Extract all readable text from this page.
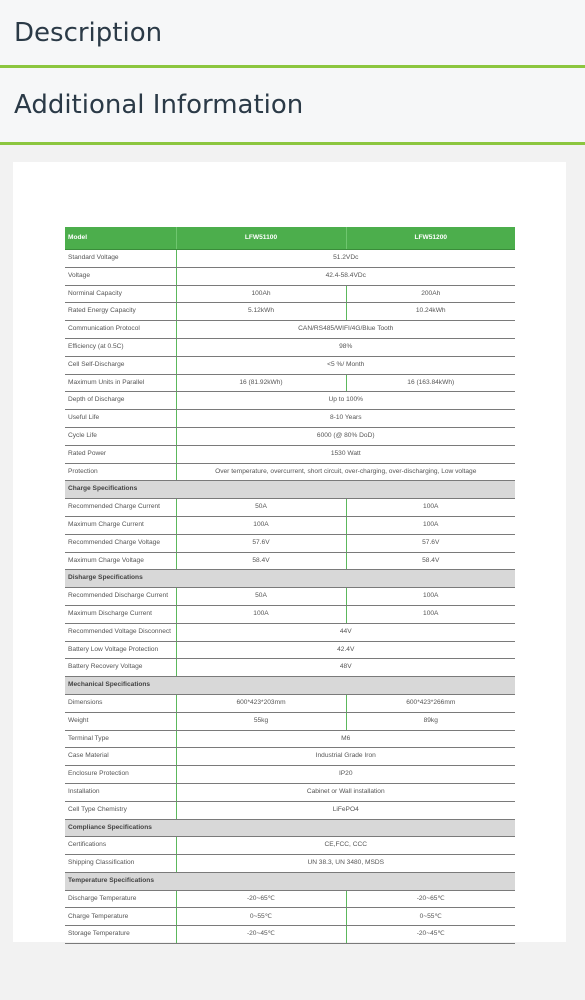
Description
Additional Information
Model	LFW51100	LFW51200
Standard Voltage	51.2VDc	
Voltage	42.4-58.4VDc	
Norminal Capacity	100Ah	200Ah
Rated Energy Capacity	5.12kWh	10.24kWh
Communication Protocol	CAN/RS485/WIFI/4G/Blue Tooth	
Efficiency (at 0.5C)	98%	
Cell Self-Discharge	<5 %/ Month	
Maximum Units in Parallel	16 (81.92kWh)	16 (163.84kWh)
Depth of Discharge	Up to 100%	
Useful Life	8-10 Years	
Cycle Life	6000 (@ 80% DoD)	
Rated Power	1530 Watt	
Protection	Over temperature, overcurrent, short circuit, over-charging, over-discharging, Low voltage	
Charge Specifications		
Recommended Charge Current	50A	100A
Maximum Charge Current	100A	100A
Recommended Charge Voltage	57.6V	57.6V
Maximum Charge Voltage	58.4V	58.4V
Disharge Specifications		
Recommended Discharge Current	50A	100A
Maximum Discharge Current	100A	100A
Recommended Voltage Disconnect	44V	
Battery Low Voltage Protection	42.4V	
Battery Recovery Voltage	48V	
Mechanical Specifications		
Dimensions	600*423*203mm	600*423*266mm
Weight	55kg	89kg
Terminal Type	M6	
Case Material	Industrial Grade Iron	
Enclosure Protection	IP20	
Installation	Cabinet or Wall installation	
Cell Type Chemistry	LiFePO4	
Compliance Specifications		
Certifications	CE,FCC, CCC	
Shipping Classification	UN 38.3, UN 3480, MSDS	
Temperature Specifications		
Discharge Temperature	-20~65℃	-20~65℃
Charge Temperature	0~55℃	0~55℃
Storage Temperature	-20~45℃	-20~45℃
